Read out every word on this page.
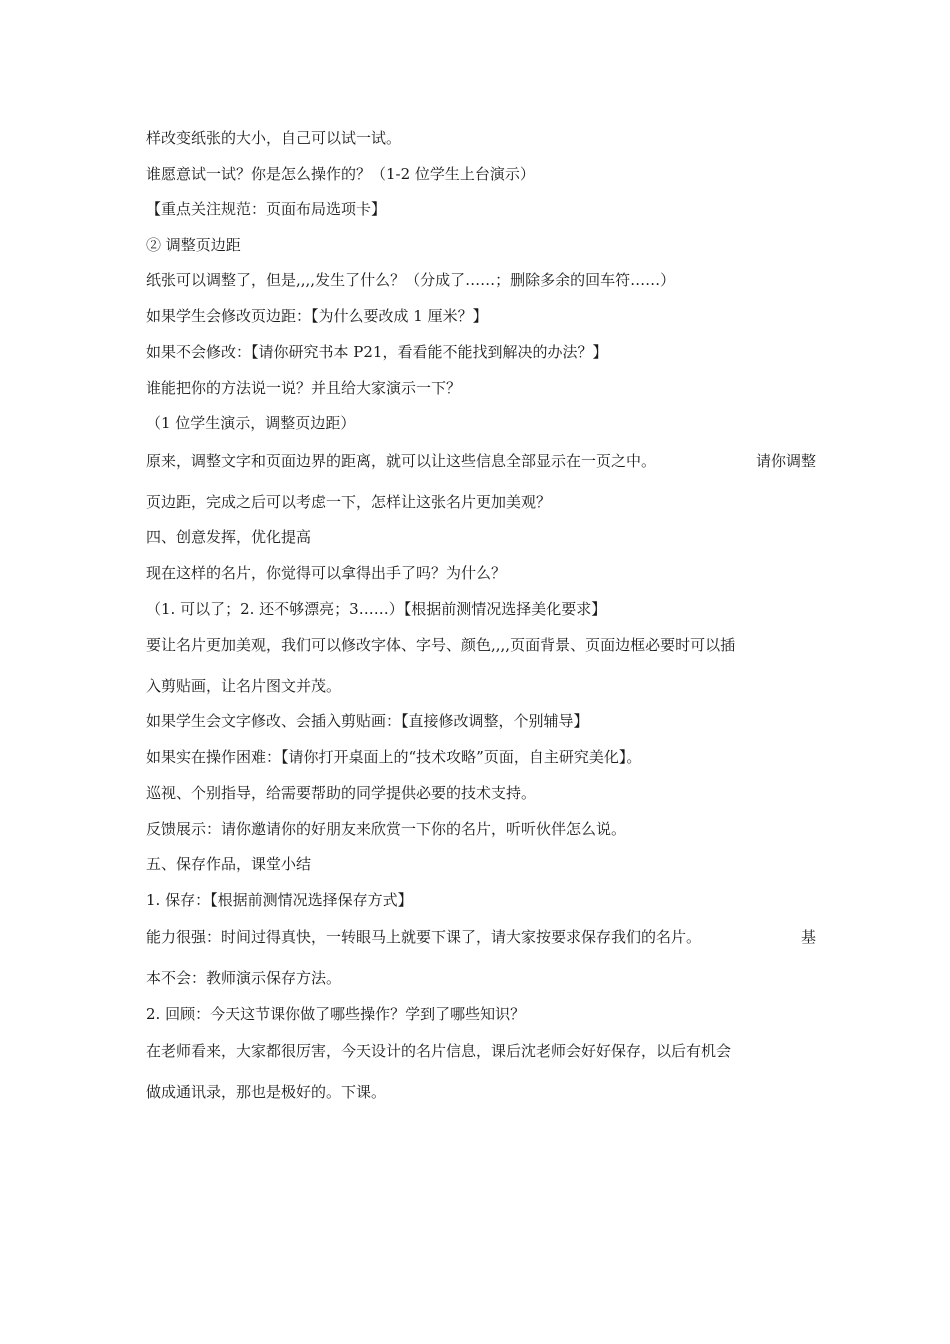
样改变纸张的大小，自己可以试一试。
谁愿意试一试？你是怎么操作的？（1-2 位学生上台演示）
【重点关注规范：页面布局选项卡】
② 调整页边距
纸张可以调整了，但是,,,,发生了什么？（分成了……；删除多余的回车符……）
如果学生会修改页边距：【为什么要改成 1 厘米？】
如果不会修改：【请你研究书本 P21，看看能不能找到解决的办法？】
谁能把你的方法说一说？并且给大家演示一下？
（1 位学生演示，调整页边距）
原来，调整文字和页面边界的距离，就可以让这些信息全部显示在一页之中。	请你调整
页边距，完成之后可以考虑一下，怎样让这张名片更加美观？
四、创意发挥，优化提高
现在这样的名片，你觉得可以拿得出手了吗？为什么？
（1. 可以了；2. 还不够漂亮；3……）【根据前测情况选择美化要求】
要让名片更加美观，我们可以修改字体、字号、颜色,,,,页面背景、页面边框必要时可以插
入剪贴画，让名片图文并茂。
如果学生会文字修改、会插入剪贴画：【直接修改调整，个别辅导】
如果实在操作困难：【请你打开桌面上的“技术攻略”页面，自主研究美化】。
巡视、个别指导，给需要帮助的同学提供必要的技术支持。
反馈展示：请你邀请你的好朋友来欣赏一下你的名片，听听伙伴怎么说。
五、保存作品，课堂小结
1. 保存：【根据前测情况选择保存方式】
能力很强：时间过得真快，一转眼马上就要下课了，请大家按要求保存我们的名片。	基
本不会：教师演示保存方法。
2. 回顾：今天这节课你做了哪些操作？学到了哪些知识？
在老师看来，大家都很厉害，今天设计的名片信息，课后沈老师会好好保存，以后有机会
做成通讯录，那也是极好的。下课。
